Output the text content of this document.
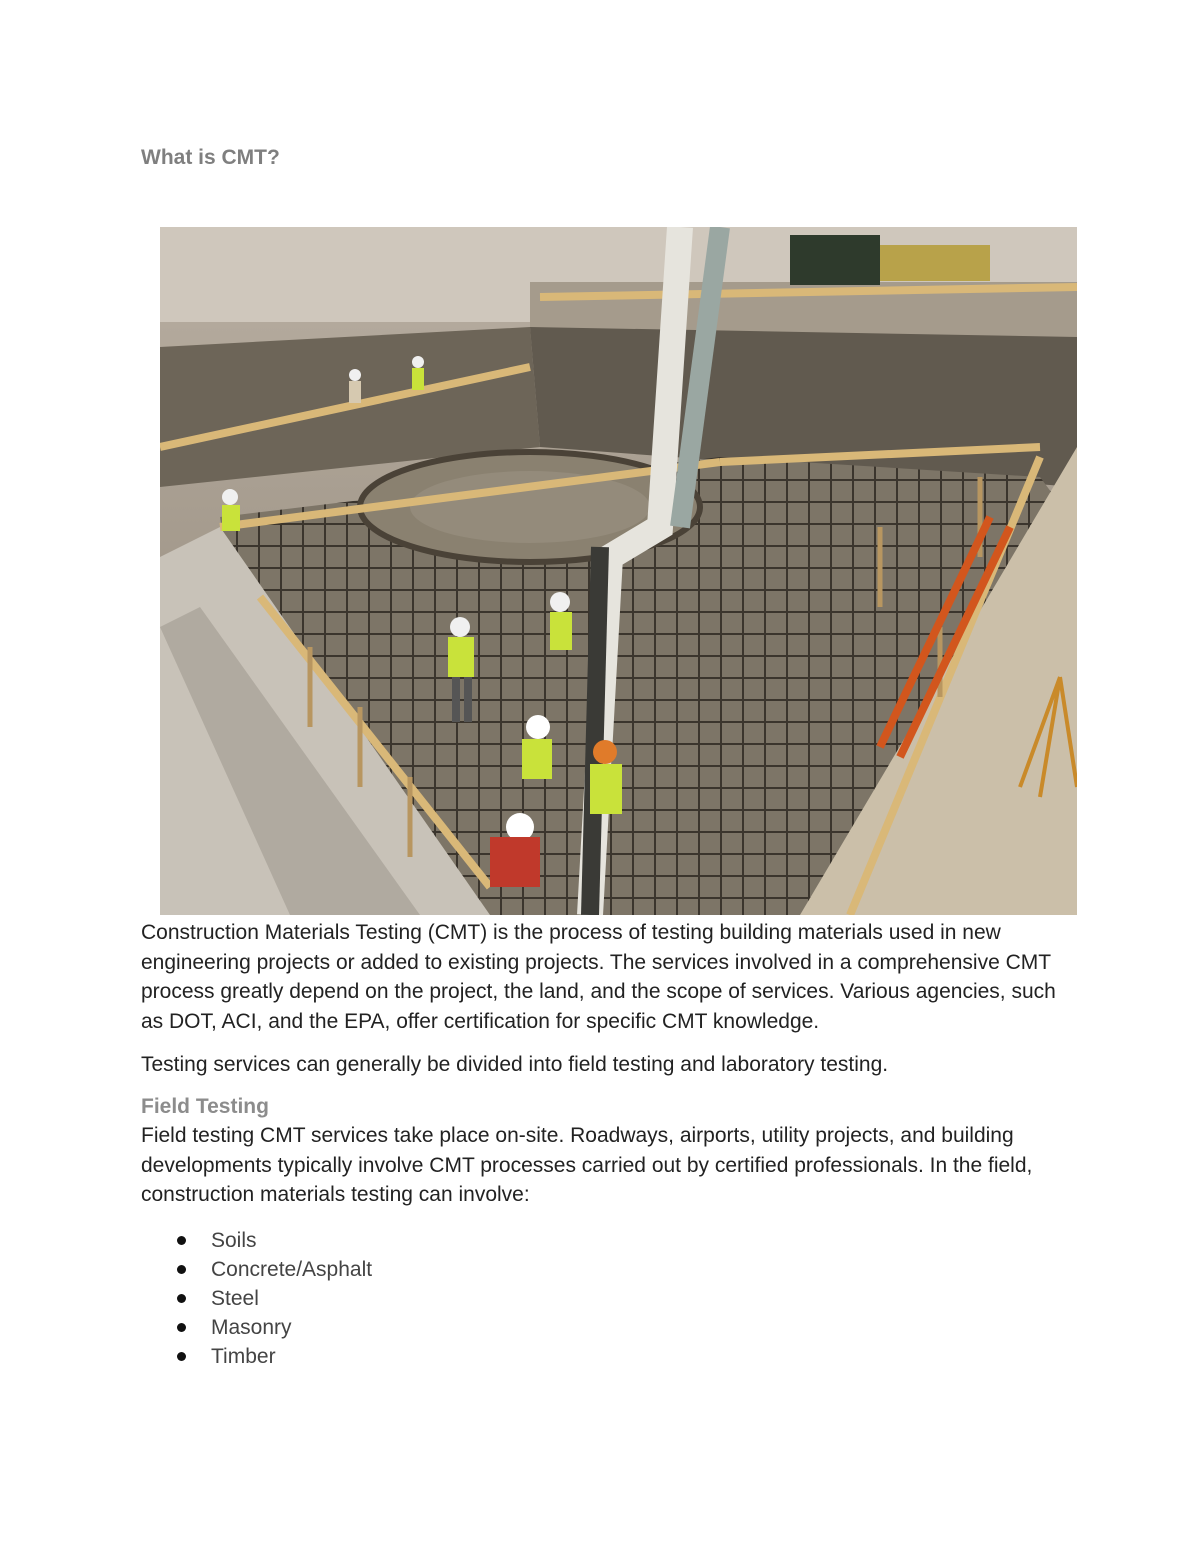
What is CMT?

Construction Materials Testing (CMT) is the process of testing building materials used in new engineering projects or added to existing projects. The services involved in a comprehensive CMT process greatly depend on the project, the land, and the scope of services. Various agencies, such as DOT, ACI, and the EPA, offer certification for specific CMT knowledge.

Testing services can generally be divided into field testing and laboratory testing.

Field Testing

Field testing CMT services take place on-site. Roadways, airports, utility projects, and building developments typically involve CMT processes carried out by certified professionals. In the field, construction materials testing can involve:

Soils
Concrete/Asphalt
Steel
Masonry
Timber
